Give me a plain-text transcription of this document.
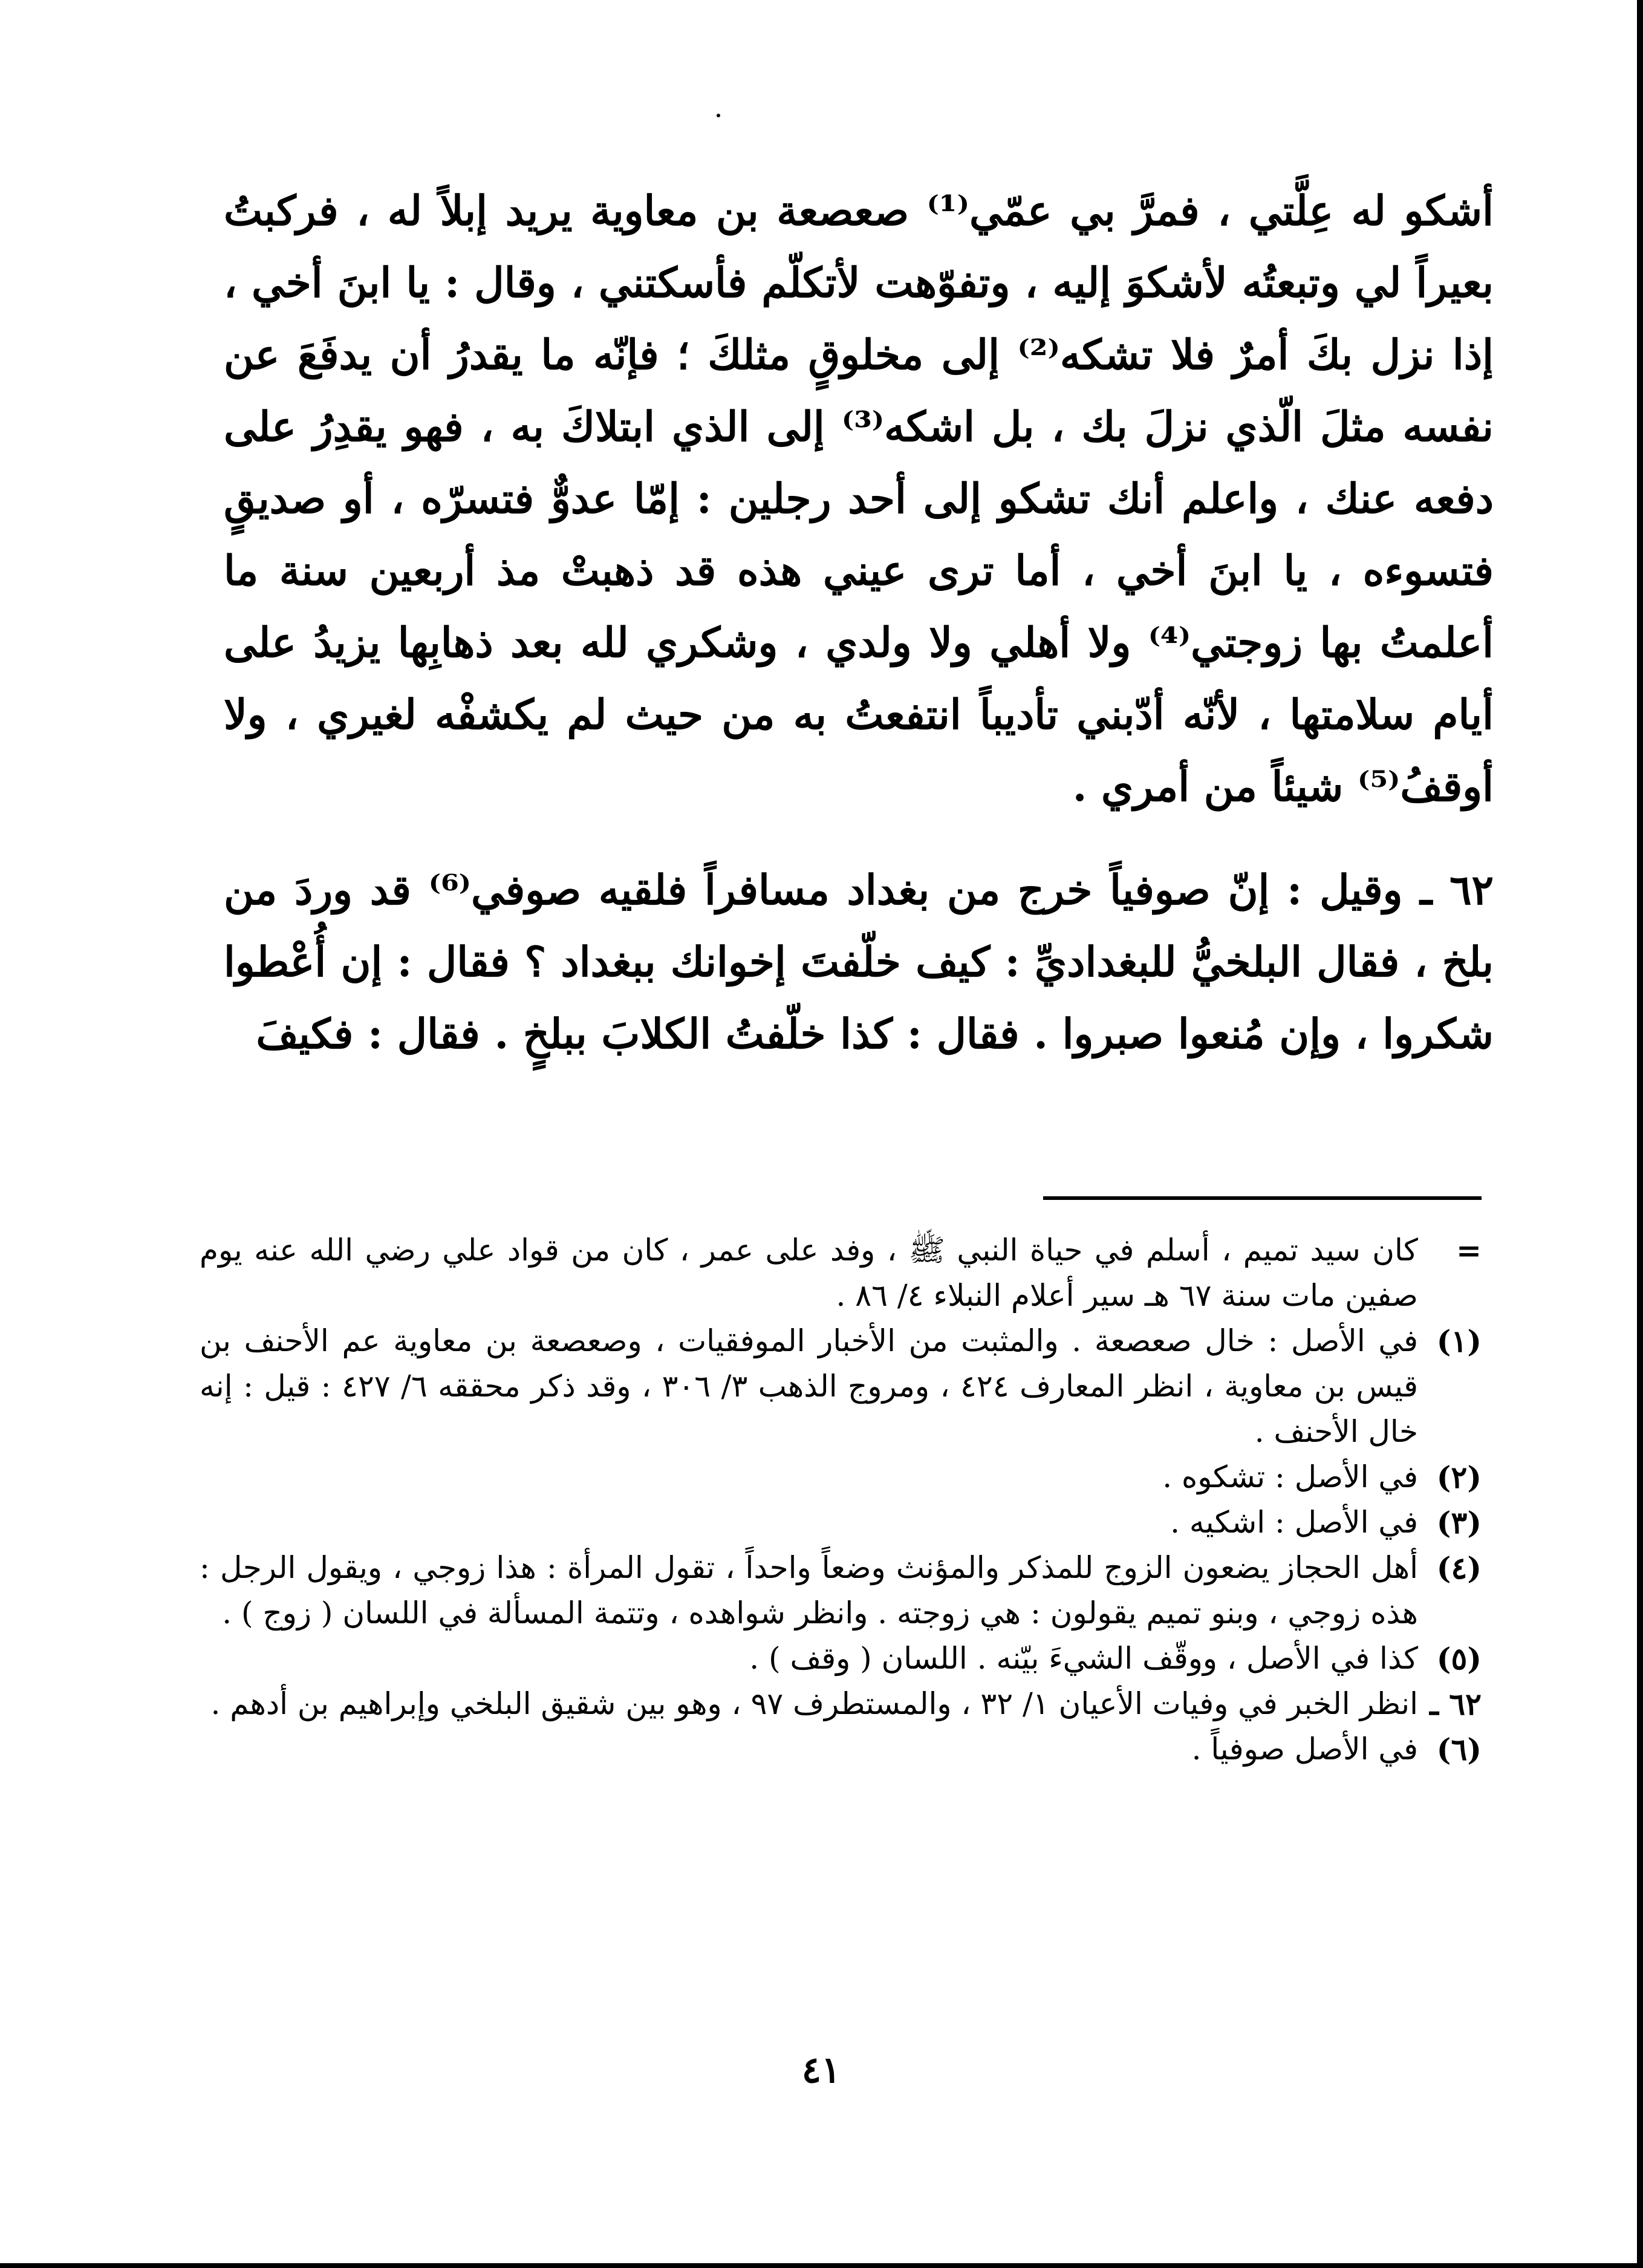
أشكو له عِلَّتي ، فمرَّ بي عمّي⁽¹⁾ صعصعة بن معاوية يريد إبلاً له ، فركبتُ بعيراً لي وتبعتُه لأشكوَ إليه ، وتفوّهت لأتكلّم فأسكتني ، وقال : يا ابنَ أخي ، إذا نزل بكَ أمرٌ فلا تشكه⁽²⁾ إلى مخلوقٍ مثلكَ ؛ فإنّه ما يقدرُ أن يدفَعَ عن نفسه مثلَ الّذي نزلَ بك ، بل اشكه⁽³⁾ إلى الذي ابتلاكَ به ، فهو يقدِرُ على دفعه عنك ، واعلم أنك تشكو إلى أحد رجلين : إمّا عدوٌّ فتسرّه ، أو صديقٍ فتسوءه ، يا ابنَ أخي ، أما ترى عيني هذه قد ذهبتْ مذ أربعين سنة ما أعلمتُ بها زوجتي⁽⁴⁾ ولا أهلي ولا ولدي ، وشكري لله بعد ذهابِها يزيدُ على أيام سلامتها ، لأنّه أدّبني تأديباً انتفعتُ به من حيث لم يكشفْه لغيري ، ولا أوقفُ⁽⁵⁾ شيئاً من أمري .

٦٢ ـ وقيل : إنّ صوفياً خرج من بغداد مسافراً فلقيه صوفي⁽⁶⁾ قد وردَ من بلخ ، فقال البلخيُّ للبغداديِّ : كيف خلّفتَ إخوانك ببغداد ؟ فقال : إن أُعْطوا شكروا ، وإن مُنعوا صبروا . فقال : كذا خلّفتُ الكلابَ ببلخٍ . فقال : فكيفَ

=
كان سيد تميم ، أسلم في حياة النبي ﷺ ، وفد على عمر ، كان من قواد علي رضي الله عنه يوم صفين مات سنة ٦٧ هـ سير أعلام النبلاء ٤/ ٨٦ .
(١)
في الأصل : خال صعصعة . والمثبت من الأخبار الموفقيات ، وصعصعة بن معاوية عم الأحنف بن قيس بن معاوية ، انظر المعارف ٤٢٤ ، ومروج الذهب ٣/ ٣٠٦ ، وقد ذكر محققه ٦/ ٤٢٧ : قيل : إنه خال الأحنف .
(٢)
في الأصل : تشكوه .
(٣)
في الأصل : اشكيه .
(٤)
أهل الحجاز يضعون الزوج للمذكر والمؤنث وضعاً واحداً ، تقول المرأة : هذا زوجي ، ويقول الرجل : هذه زوجي ، وبنو تميم يقولون : هي زوجته . وانظر شواهده ، وتتمة المسألة في اللسان ( زوج ) .
(٥)
كذا في الأصل ، ووقّف الشيءَ بيّنه . اللسان ( وقف ) .
٦٢ ـ
انظر الخبر في وفيات الأعيان ١/ ٣٢ ، والمستطرف ٩٧ ، وهو بين شقيق البلخي وإبراهيم بن أدهم .
(٦)
في الأصل صوفياً .
٤١
